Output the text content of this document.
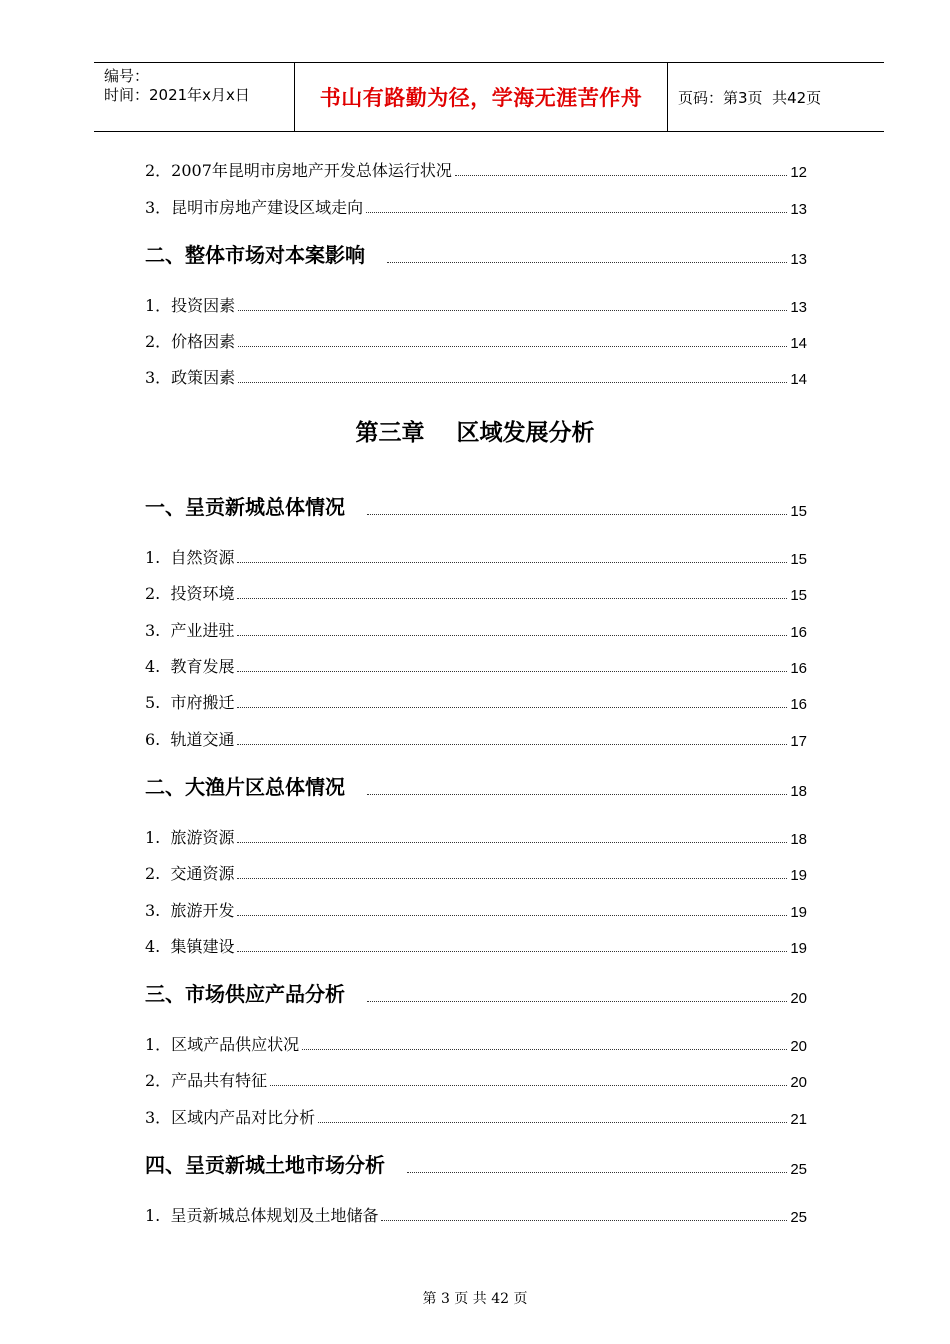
编号：
时间：2021年x月x日	书山有路勤为径，学海无涯苦作舟	页码：第3页  共42页
2．2007年昆明市房地产开发总体运行状况	12
3．昆明市房地产建设区域走向	13
二、整体市场对本案影响	13
1．投资因素	13
2．价格因素	14
3．政策因素	14
第三章    区域发展分析
一、呈贡新城总体情况	15
1.  自然资源	15
2.  投资环境	15
3.  产业进驻	16
4.  教育发展	16
5.  市府搬迁	16
6.  轨道交通	17
二、大渔片区总体情况	18
1.  旅游资源	18
2.  交通资源	19
3.  旅游开发	19
4.  集镇建设	19
三、市场供应产品分析	20
1．区域产品供应状况	20
2．产品共有特征	20
3．区域内产品对比分析	21
四、呈贡新城土地市场分析	25
1.  呈贡新城总体规划及土地储备	25
第 3 页 共 42 页
